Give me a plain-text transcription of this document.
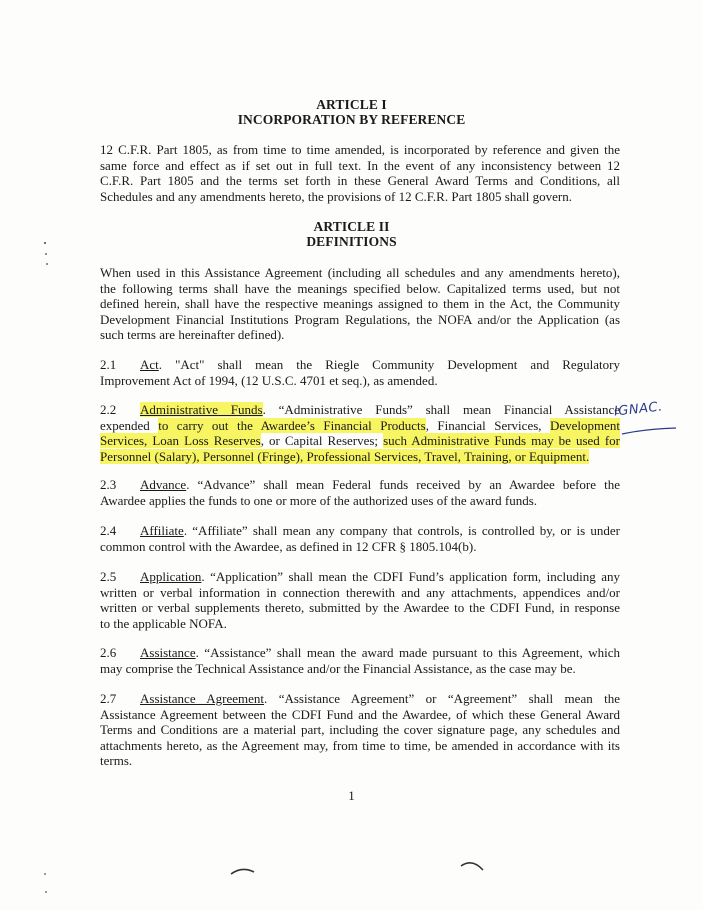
ARTICLE I
INCORPORATION BY REFERENCE
12 C.F.R. Part 1805, as from time to time amended, is incorporated by reference and given the
same force and effect as if set out in full text. In the event of any inconsistency between 12
C.F.R. Part 1805 and the terms set forth in these General Award Terms and Conditions, all
Schedules and any amendments hereto, the provisions of 12 C.F.R. Part 1805 shall govern.
ARTICLE II
DEFINITIONS
When used in this Assistance Agreement (including all schedules and any amendments hereto),
the following terms shall have the meanings specified below. Capitalized terms used, but not
defined herein, shall have the respective meanings assigned to them in the Act, the Community
Development Financial Institutions Program Regulations, the NOFA and/or the Application (as
such terms are hereinafter defined).
2.1 Act. "Act" shall mean the Riegle Community Development and Regulatory
Improvement Act of 1994, (12 U.S.C. 4701 et seq.), as amended.
2.2 Administrative Funds. “Administrative Funds” shall mean Financial Assistance
expended to carry out the Awardee’s Financial Products, Financial Services, Development
Services, Loan Loss Reserves, or Capital Reserves; such Administrative Funds may be used for
Personnel (Salary), Personnel (Fringe), Professional Services, Travel, Training, or Equipment.
2.3 Advance. “Advance” shall mean Federal funds received by an Awardee before the
Awardee applies the funds to one or more of the authorized uses of the award funds.
2.4 Affiliate. “Affiliate” shall mean any company that controls, is controlled by, or is under
common control with the Awardee, as defined in 12 CFR § 1805.104(b).
2.5 Application. “Application” shall mean the CDFI Fund’s application form, including any
written or verbal information in connection therewith and any attachments, appendices and/or
written or verbal supplements thereto, submitted by the Awardee to the CDFI Fund, in response
to the applicable NOFA.
2.6 Assistance. “Assistance” shall mean the award made pursuant to this Agreement, which
may comprise the Technical Assistance and/or the Financial Assistance, as the case may be.
2.7 Assistance Agreement. “Assistance Agreement” or “Agreement” shall mean the
Assistance Agreement between the CDFI Fund and the Awardee, of which these General Award
Terms and Conditions are a material part, including the cover signature page, any schedules and
attachments hereto, as the Agreement may, from time to time, be amended in accordance with its
terms.
1
IGNAC.
